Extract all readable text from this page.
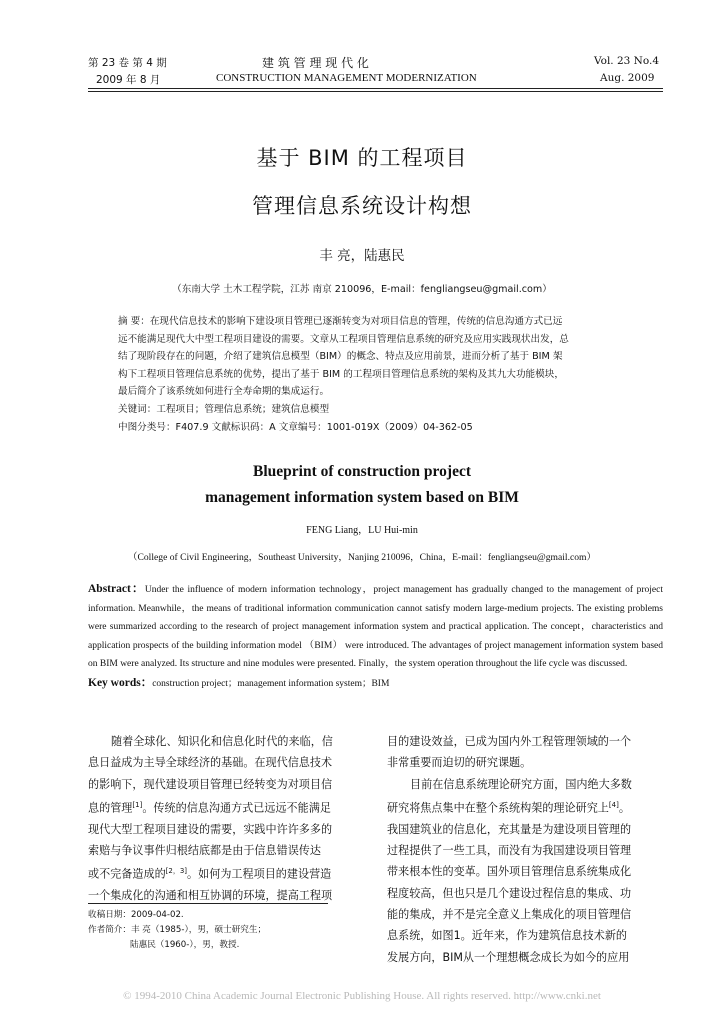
第 23 卷 第 4 期
2009 年 8 月
建 筑 管 理 现 代 化
CONSTRUCTION MANAGEMENT MODERNIZATION
Vol. 23 No.4
Aug. 2009
基于 BIM 的工程项目
管理信息系统设计构想
丰 亮，陆惠民
（东南大学 土木工程学院，江苏 南京 210096，E-mail：fengliangseu@gmail.com）

摘 要：在现代信息技术的影响下建设项目管理已逐渐转变为对项目信息的管理，传统的信息沟通方式已远

远不能满足现代大中型工程项目建设的需要。文章从工程项目管理信息系统的研究及应用实践现状出发，总

结了现阶段存在的问题，介绍了建筑信息模型（BIM）的概念、特点及应用前景，进而分析了基于 BIM 架

构下工程项目管理信息系统的优势，提出了基于 BIM 的工程项目管理信息系统的架构及其九大功能模块，

最后简介了该系统如何进行全寿命期的集成运行。

关键词：工程项目；管理信息系统；建筑信息模型

中图分类号：F407.9 文献标识码：A 文章编号：1001-019X（2009）04-362-05

Blueprint of construction project
management information system based on BIM
FENG Liang，LU Hui-min
（College of Civil Engineering，Southeast University，Nanjing 210096，China，E-mail：fengliangseu@gmail.com）
Abstract：Under the influence of modern information technology，project management has gradually changed to the management of project information. Meanwhile，the means of traditional information communication cannot satisfy modern large-medium projects. The existing problems were summarized according to the research of project management information system and practical application. The concept，characteristics and application prospects of the building information model （BIM） were introduced. The advantages of project management information system based on BIM were analyzed. Its structure and nine modules were presented. Finally，the system operation throughout the life cycle was discussed.
Key words：construction project；management information system；BIM

随着全球化、知识化和信息化时代的来临，信

息日益成为主导全球经济的基础。在现代信息技术

的影响下，现代建设项目管理已经转变为对项目信

息的管理[1]。传统的信息沟通方式已远远不能满足

现代大型工程项目建设的需要，实践中许许多多的

索赔与争议事件归根结底都是由于信息错误传达

或不完备造成的[2，3]。如何为工程项目的建设营造

一个集成化的沟通和相互协调的环境，提高工程项

收稿日期：2009-04-02.
作者简介：丰 亮（1985-），男，硕士研究生；
陆惠民（1960-），男，教授.

目的建设效益，已成为国内外工程管理领域的一个

非常重要而迫切的研究课题。

目前在信息系统理论研究方面，国内绝大多数

研究将焦点集中在整个系统构架的理论研究上[4]。

我国建筑业的信息化，充其量是为建设项目管理的

过程提供了一些工具，而没有为我国建设项目管理

带来根本性的变革。国外项目管理信息系统集成化

程度较高，但也只是几个建设过程信息的集成、功

能的集成，并不是完全意义上集成化的项目管理信

息系统，如图1。近年来，作为建筑信息技术新的

发展方向，BIM从一个理想概念成长为如今的应用

© 1994-2010 China Academic Journal Electronic Publishing House. All rights reserved. http://www.cnki.net
